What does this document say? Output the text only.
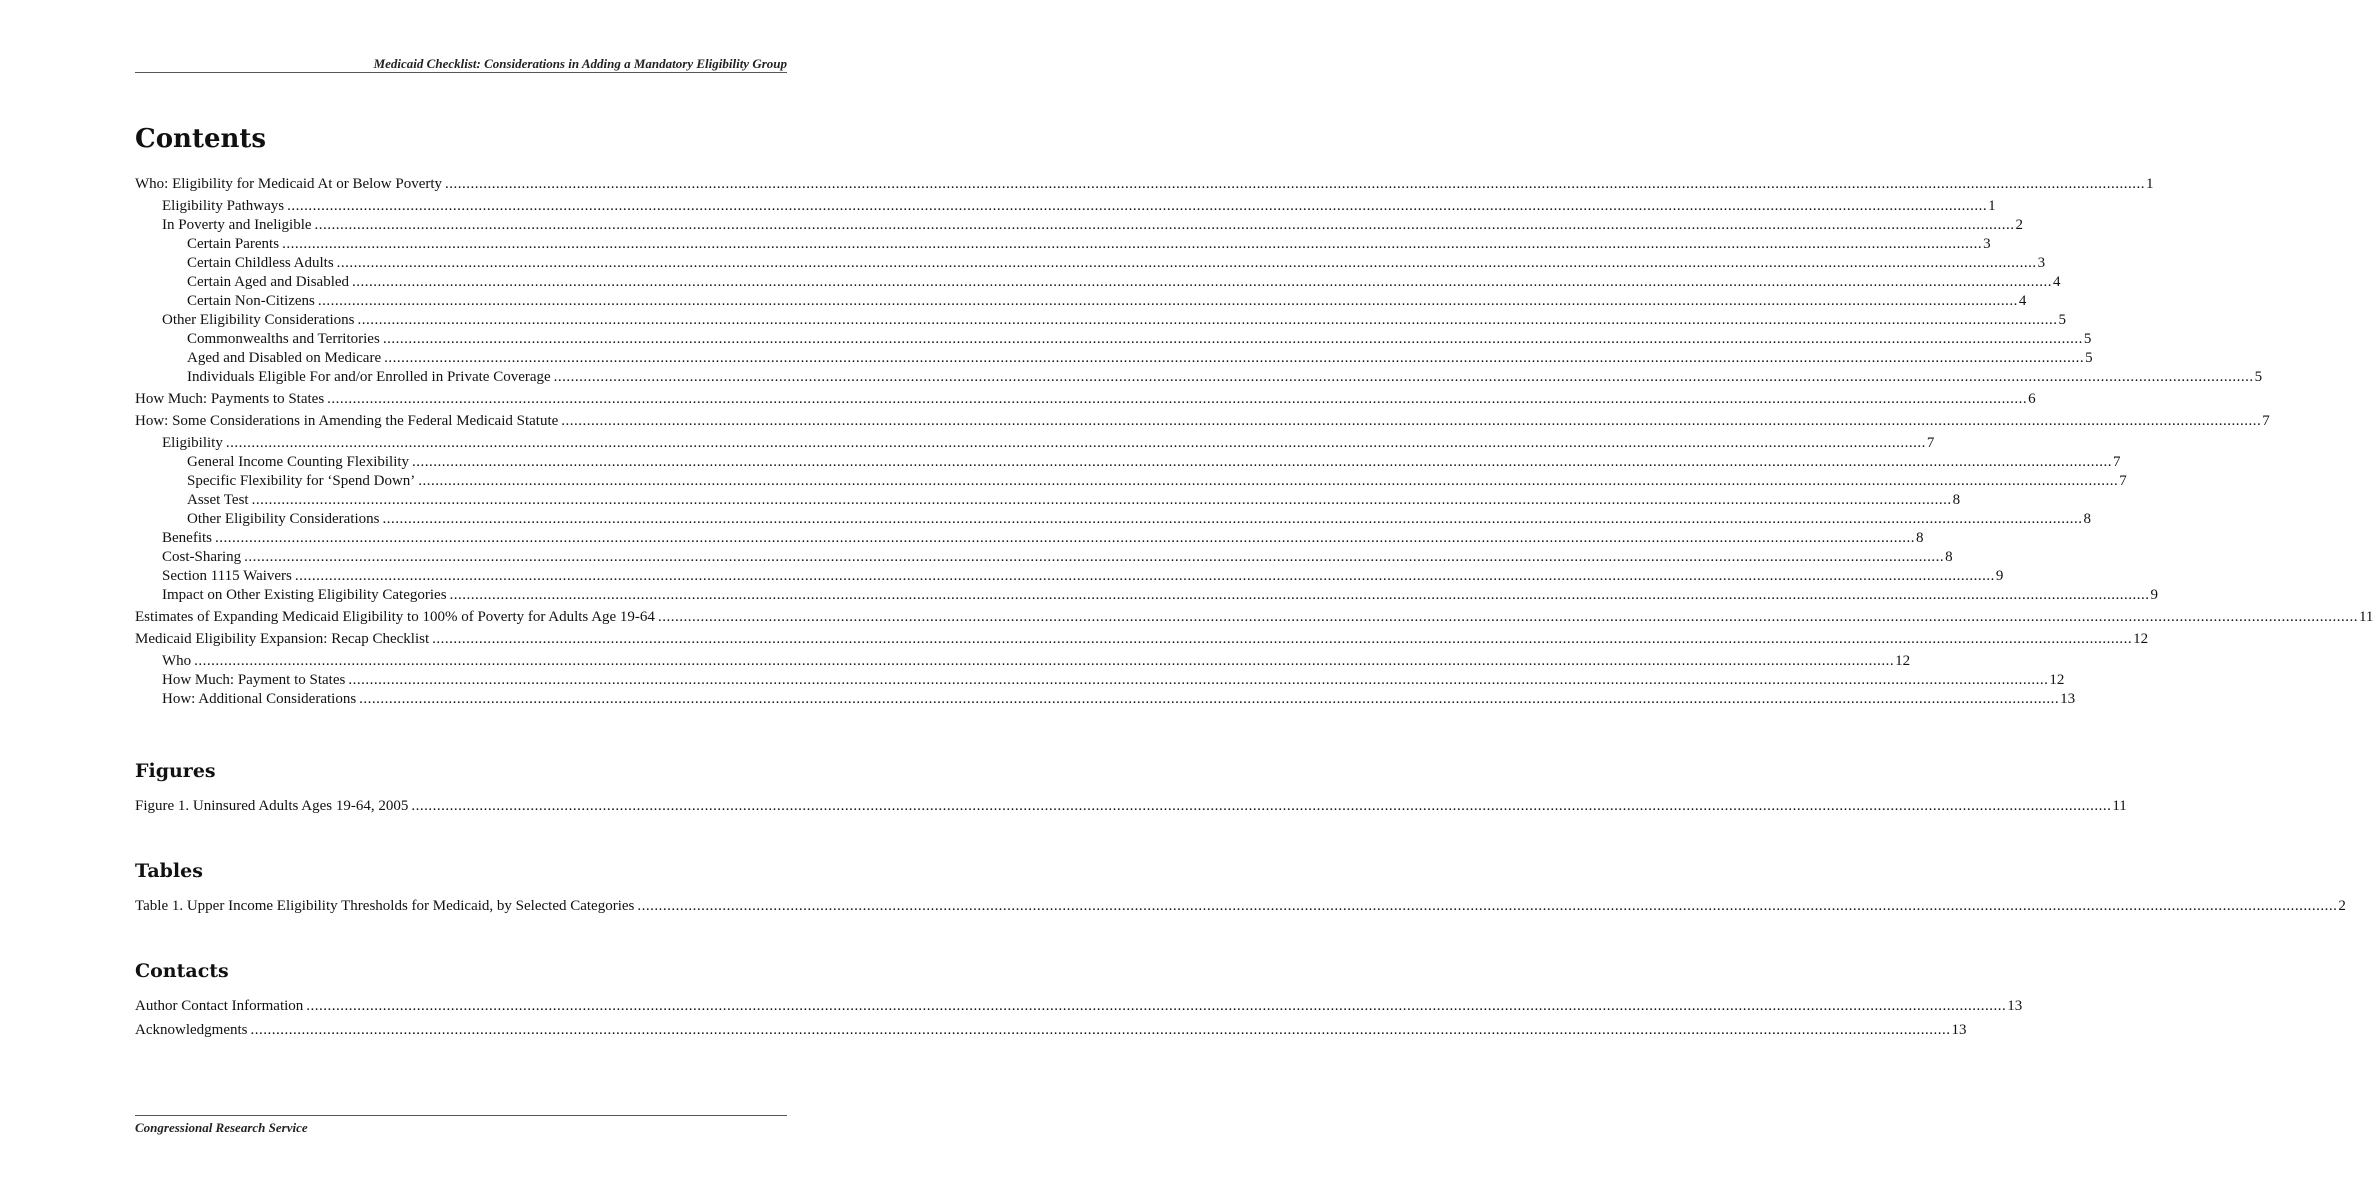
Medicaid Checklist: Considerations in Adding a Mandatory Eligibility Group
Contents
Who: Eligibility for Medicaid At or Below Poverty ................................................................................................................................................................................................................................................................................................................................................................................................................ 1
Eligibility Pathways ................................................................................................................................................................................................................................................................................................................................................................................................................ 1
In Poverty and Ineligible ................................................................................................................................................................................................................................................................................................................................................................................................................ 2
Certain Parents ................................................................................................................................................................................................................................................................................................................................................................................................................ 3
Certain Childless Adults ................................................................................................................................................................................................................................................................................................................................................................................................................ 3
Certain Aged and Disabled ................................................................................................................................................................................................................................................................................................................................................................................................................ 4
Certain Non-Citizens ................................................................................................................................................................................................................................................................................................................................................................................................................ 4
Other Eligibility Considerations ................................................................................................................................................................................................................................................................................................................................................................................................................ 5
Commonwealths and Territories ................................................................................................................................................................................................................................................................................................................................................................................................................ 5
Aged and Disabled on Medicare ................................................................................................................................................................................................................................................................................................................................................................................................................ 5
Individuals Eligible For and/or Enrolled in Private Coverage ................................................................................................................................................................................................................................................................................................................................................................................................................ 5
How Much: Payments to States ................................................................................................................................................................................................................................................................................................................................................................................................................ 6
How: Some Considerations in Amending the Federal Medicaid Statute ................................................................................................................................................................................................................................................................................................................................................................................................................ 7
Eligibility ................................................................................................................................................................................................................................................................................................................................................................................................................ 7
General Income Counting Flexibility ................................................................................................................................................................................................................................................................................................................................................................................................................ 7
Specific Flexibility for ‘Spend Down’ ................................................................................................................................................................................................................................................................................................................................................................................................................ 7
Asset Test ................................................................................................................................................................................................................................................................................................................................................................................................................ 8
Other Eligibility Considerations ................................................................................................................................................................................................................................................................................................................................................................................................................ 8
Benefits ................................................................................................................................................................................................................................................................................................................................................................................................................ 8
Cost-Sharing ................................................................................................................................................................................................................................................................................................................................................................................................................ 8
Section 1115 Waivers ................................................................................................................................................................................................................................................................................................................................................................................................................ 9
Impact on Other Existing Eligibility Categories ................................................................................................................................................................................................................................................................................................................................................................................................................ 9
Estimates of Expanding Medicaid Eligibility to 100% of Poverty for Adults Age 19-64 ................................................................................................................................................................................................................................................................................................................................................................................................................ 11
Medicaid Eligibility Expansion: Recap Checklist ................................................................................................................................................................................................................................................................................................................................................................................................................ 12
Who ................................................................................................................................................................................................................................................................................................................................................................................................................ 12
How Much: Payment to States ................................................................................................................................................................................................................................................................................................................................................................................................................ 12
How: Additional Considerations ................................................................................................................................................................................................................................................................................................................................................................................................................ 13
Figures
Figure 1. Uninsured Adults Ages 19-64, 2005 ................................................................................................................................................................................................................................................................................................................................................................................................................ 11
Tables
Table 1. Upper Income Eligibility Thresholds for Medicaid, by Selected Categories ................................................................................................................................................................................................................................................................................................................................................................................................................ 2
Contacts
Author Contact Information ................................................................................................................................................................................................................................................................................................................................................................................................................ 13
Acknowledgments ................................................................................................................................................................................................................................................................................................................................................................................................................ 13
Congressional Research Service
